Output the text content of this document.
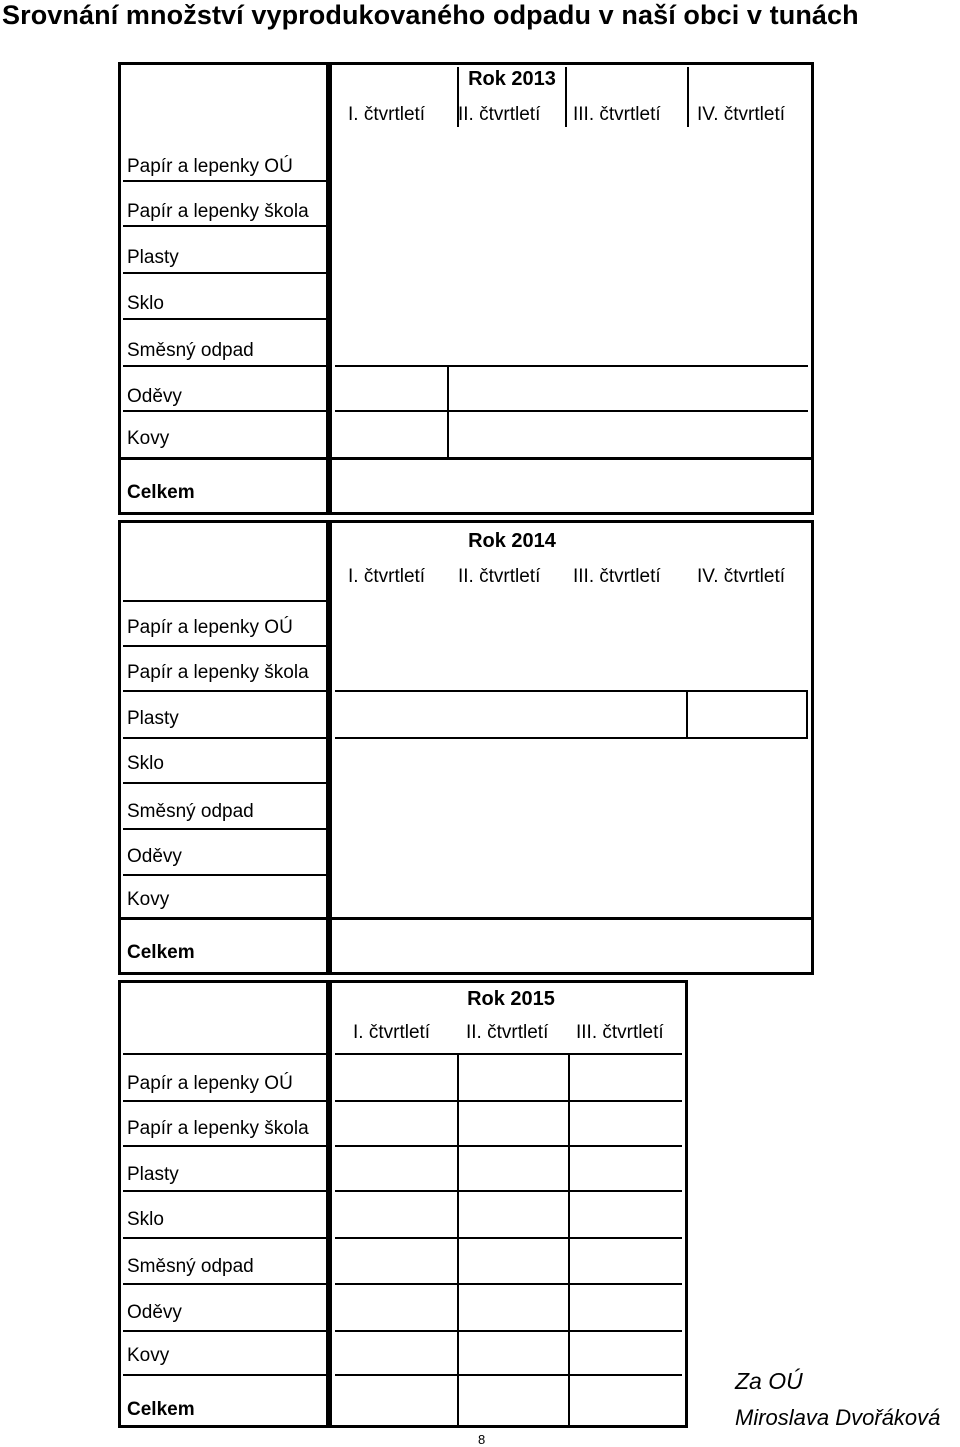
Srovnání množství vyprodukovaného odpadu v naší obci v tunách
Rok 2013
I. čtvrtletí II. čtvrtletí III. čtvrtletí IV. čtvrtletí
Papír a lepenky OÚ
Papír a lepenky škola
Plasty
Sklo
Směsný odpad
Oděvy
Kovy
Celkem
Rok 2014
I. čtvrtletí II. čtvrtletí III. čtvrtletí IV. čtvrtletí
Papír a lepenky OÚ
Papír a lepenky škola
Plasty
Sklo
Směsný odpad
Oděvy
Kovy
Celkem
Rok 2015
I. čtvrtletí II. čtvrtletí III. čtvrtletí
Papír a lepenky OÚ
Papír a lepenky škola
Plasty
Sklo
Směsný odpad
Oděvy
Kovy
Celkem
Za OÚ
Miroslava Dvořáková
8
